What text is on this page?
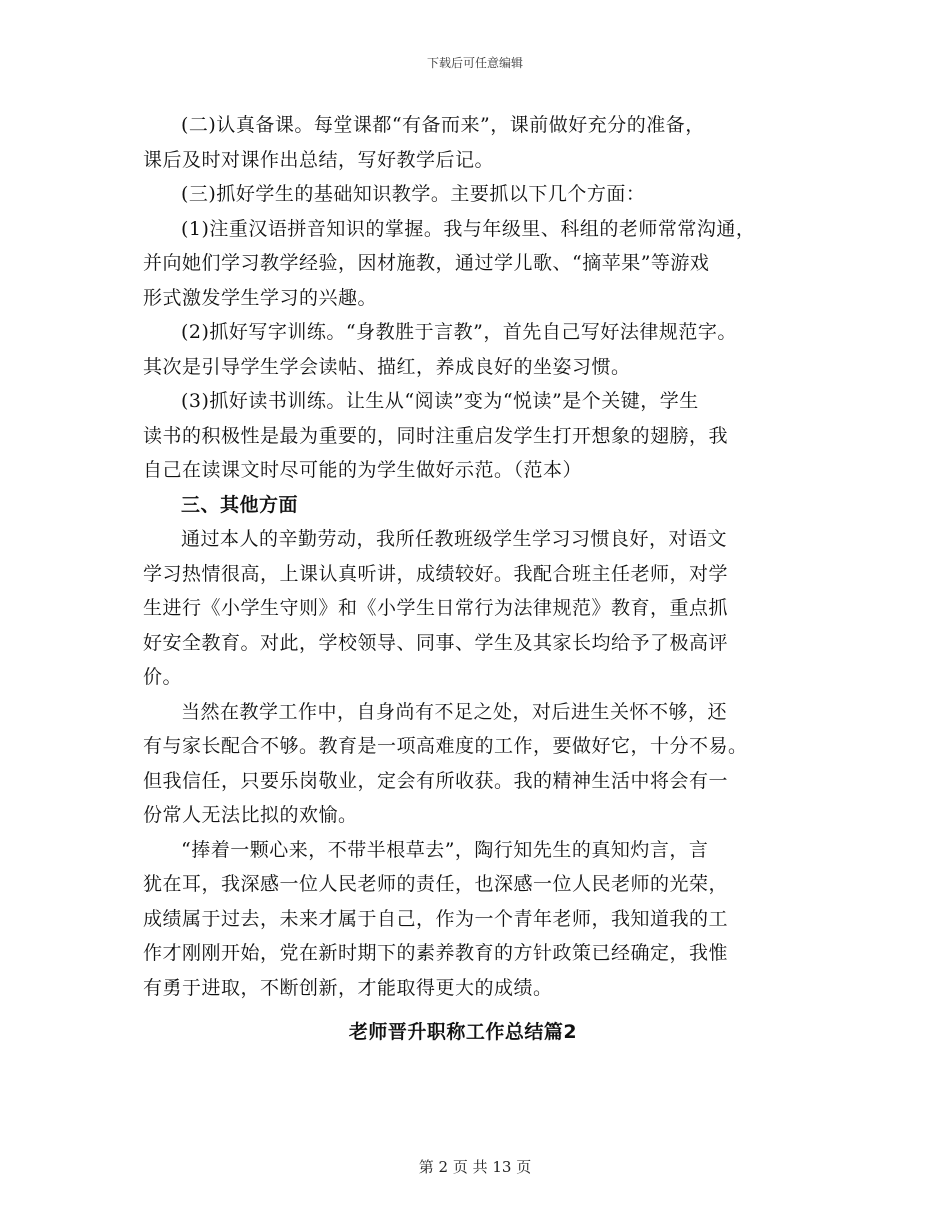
下载后可任意编辑

(二)认真备课。每堂课都“有备而来”，课前做好充分的准备，
课后及时对课作出总结，写好教学后记。

(三)抓好学生的基础知识教学。主要抓以下几个方面：

(1)注重汉语拼音知识的掌握。我与年级里、科组的老师常常沟通，
并向她们学习教学经验，因材施教，通过学儿歌、“摘苹果”等游戏
形式激发学生学习的兴趣。

(2)抓好写字训练。“身教胜于言教”，首先自己写好法律规范字。
其次是引导学生学会读帖、描红，养成良好的坐姿习惯。

(3)抓好读书训练。让生从“阅读”变为“悦读”是个关键，学生
读书的积极性是最为重要的，同时注重启发学生打开想象的翅膀，我
自己在读课文时尽可能的为学生做好示范。（范本）

三、其他方面

通过本人的辛勤劳动，我所任教班级学生学习习惯良好，对语文
学习热情很高，上课认真听讲，成绩较好。我配合班主任老师，对学
生进行《小学生守则》和《小学生日常行为法律规范》教育，重点抓
好安全教育。对此，学校领导、同事、学生及其家长均给予了极高评
价。

当然在教学工作中，自身尚有不足之处，对后进生关怀不够，还
有与家长配合不够。教育是一项高难度的工作，要做好它，十分不易。
但我信任，只要乐岗敬业，定会有所收获。我的精神生活中将会有一
份常人无法比拟的欢愉。

“捧着一颗心来，不带半根草去”，陶行知先生的真知灼言，言
犹在耳，我深感一位人民老师的责任，也深感一位人民老师的光荣，
成绩属于过去，未来才属于自己，作为一个青年老师，我知道我的工
作才刚刚开始，党在新时期下的素养教育的方针政策已经确定，我惟
有勇于进取，不断创新，才能取得更大的成绩。

老师晋升职称工作总结篇2
第 2 页 共 13 页
